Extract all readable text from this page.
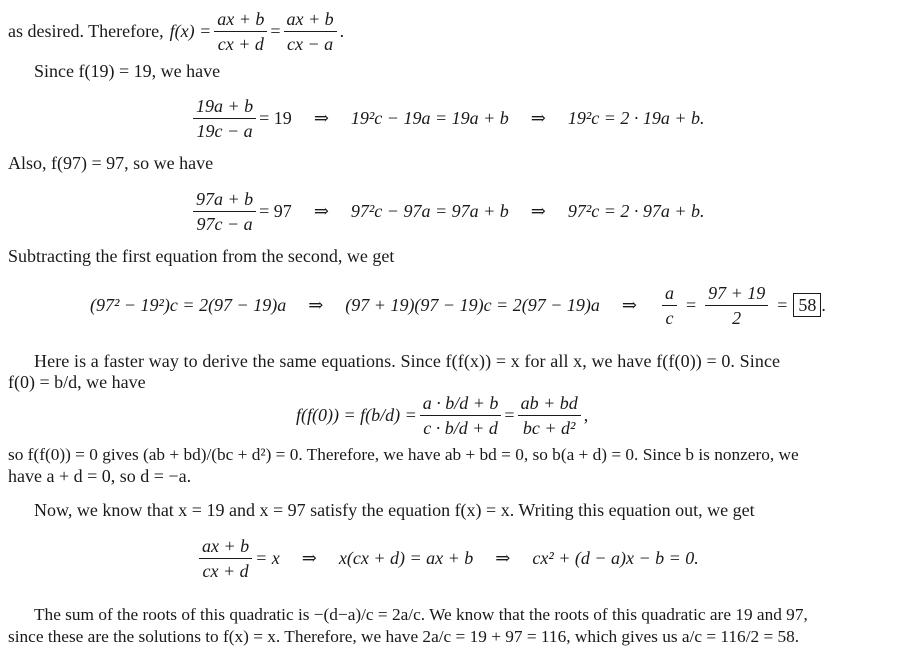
as desired. Therefore, $f(x) = \frac{ax + b}{cx + d} = \frac{ax + b}{cx - a}$ .
Since f(19) = 19, we have
$\frac{19a + b}{19c - a} = 19$ ⇒ 19²c − 19a = 19a + b ⇒ 19²c = 2 · 19a + b.
Also, f(97) = 97, so we have
$\frac{97a + b}{97c - a} = 97$ ⇒ 97²c − 97a = 97a + b ⇒ 97²c = 2 · 97a + b.
Subtracting the first equation from the second, we get
(97² − 19²)c = 2(97 − 19)a ⇒ (97 + 19)(97 − 19)c = 2(97 − 19)a ⇒ $\frac{a}{c} = \frac{97 + 19}{2} = 58$ .
Here is a faster way to derive the same equations. Since f(f(x)) = x for all x, we have f(f(0)) = 0. Since
f(0) = b/d, we have
$f(f(0)) = f(b/d) = \frac{a \cdot b/d + b}{c \cdot b/d + d} = \frac{ab + bd}{\text{bc + d²}}$ ,
so f(f(0)) = 0 gives (ab + bd)/(bc + d²) = 0. Therefore, we have ab + bd = 0, so b(a + d) = 0. Since b is nonzero, we
have a + d = 0, so d = −a.
Now, we know that x = 19 and x = 97 satisfy the equation f(x) = x. Writing this equation out, we get
$\frac{ax + b}{cx + d} = x$ ⇒ x(cx + d) = ax + b ⇒ cx² + (d − a)x − b = 0.
The sum of the roots of this quadratic is −(d−a)/c = 2a/c. We know that the roots of this quadratic are 19 and 97,
since these are the solutions to f(x) = x. Therefore, we have 2a/c = 19 + 97 = 116, which gives us a/c = 116/2 = 58.
